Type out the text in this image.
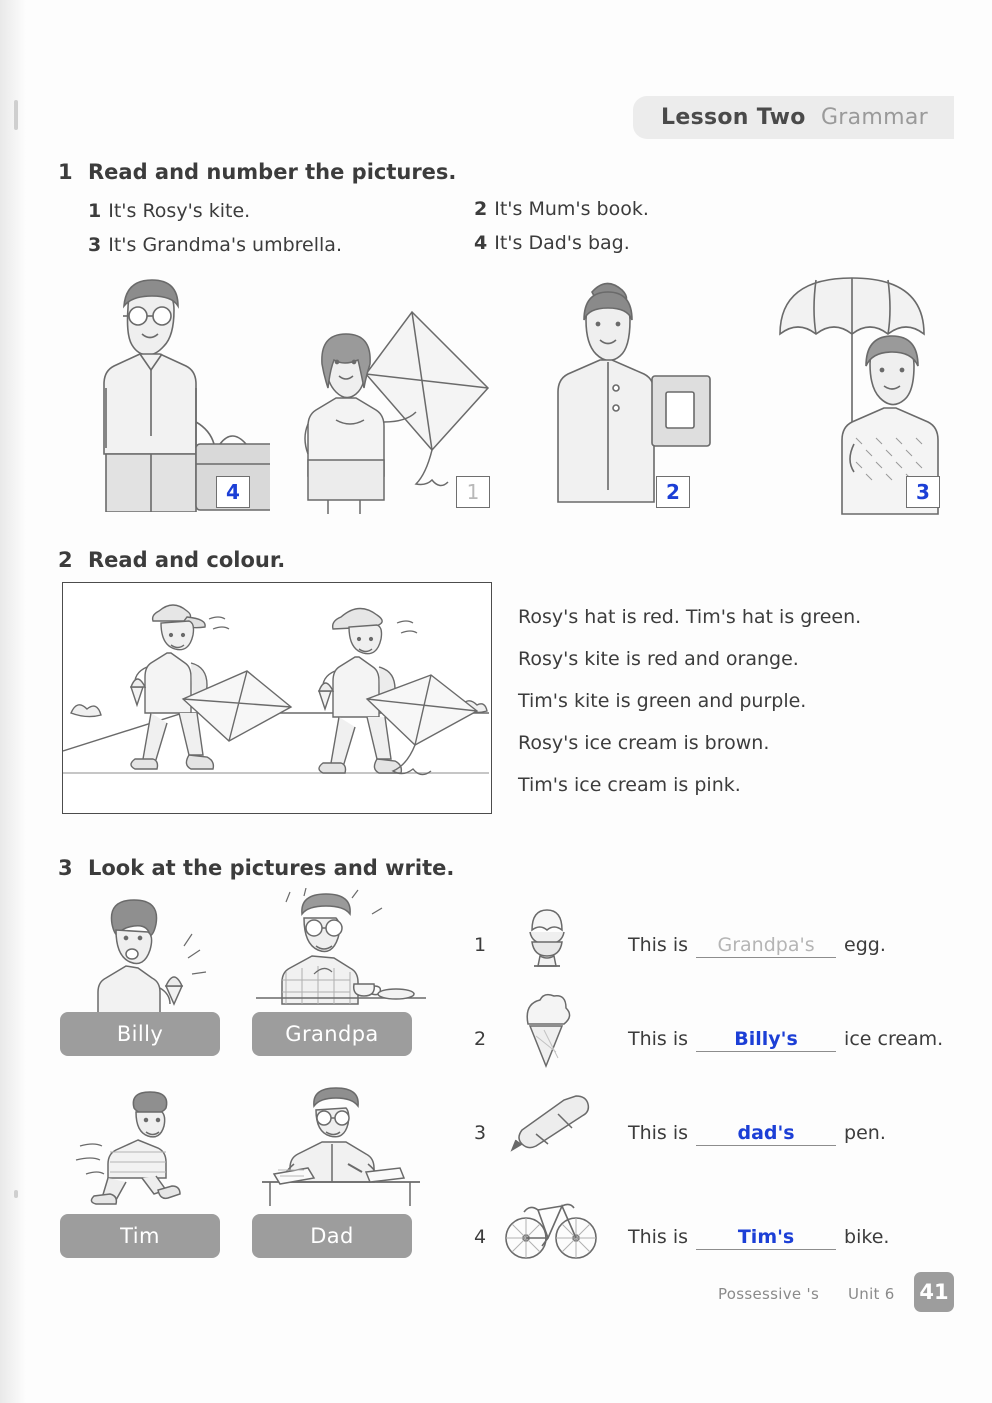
Lesson Two Grammar
1 Read and number the pictures.
1 It's Rosy's kite.	2 It's Mum's book.
3 It's Grandma's umbrella.	4 It's Dad's bag.
4	1	2	3
2 Read and colour.
Rosy's hat is red. Tim's hat is green.
Rosy's kite is red and orange.
Tim's kite is green and purple.
Rosy's ice cream is brown.
Tim's ice cream is pink.
3 Look at the pictures and write.
Billy	Grandpa
Tim	Dad
1	This is Grandpa's egg.
2	This is Billy's ice cream.
3	This is	dad's	pen.
4	This is	Tim's	bike.
Possessive 's Unit 6 41
